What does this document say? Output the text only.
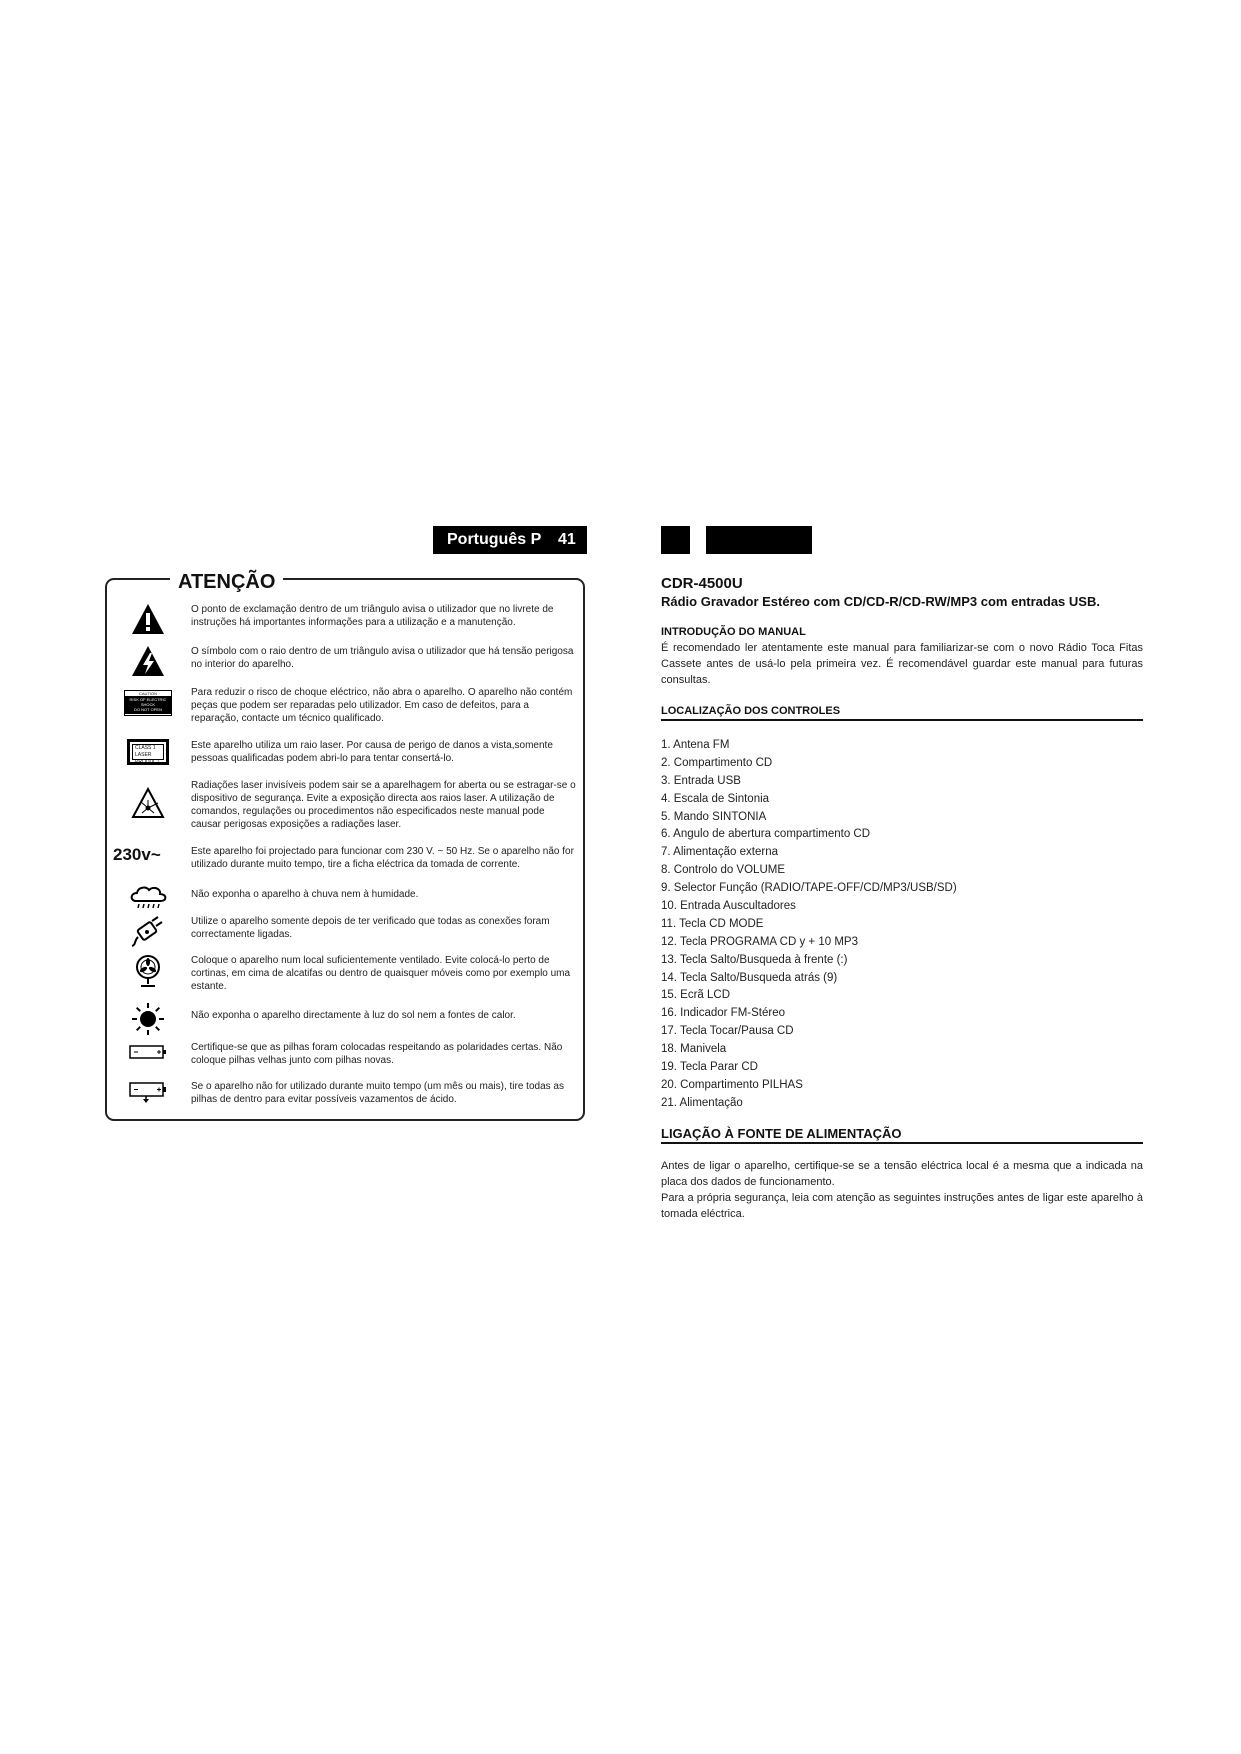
Português P 41
ATENÇÃO
O ponto de exclamação dentro de um triângulo avisa o utilizador que no livrete de instruções há importantes informações para a utilização e a manutenção.
O símbolo com o raio dentro de um triângulo avisa o utilizador que há tensão perigosa no interior do aparelho.
CAUTION
RISK OF ELECTRIC
SHOCK
DO NOT OPEN
Para reduzir o risco de choque eléctrico, não abra o aparelho. O aparelho não contém peças que podem ser reparadas pelo utilizador. Em caso de defeitos, para a reparação, contacte um técnico qualificado.
CLASS 1
LASER PRODUCT
Este aparelho utiliza um raio laser. Por causa de perigo de danos a vista,somente pessoas qualificadas podem abri-lo para tentar consertá-lo.
Radiações laser invisíveis podem sair se a aparelhagem for aberta ou se estragar-se o dispositivo de segurança. Evite a exposição directa aos raios laser. A utilização de comandos, regulações ou procedimentos não especificados neste manual pode causar perigosas exposições a radiações laser.
230v~	Este aparelho foi projectado para funcionar com 230 V. ~ 50 Hz. Se o aparelho não for utilizado durante muito tempo, tire a ficha eléctrica da tomada de corrente.
Não exponha o aparelho à chuva nem à humidade.
Utilize o aparelho somente depois de ter verificado que todas as conexões foram correctamente ligadas.
Coloque o aparelho num local suficientemente ventilado. Evite colocá-lo perto de cortinas, em cima de alcatifas ou dentro de quaisquer móveis como por exemplo uma estante.
Não exponha o aparelho directamente à luz do sol nem a fontes de calor.
Certifique-se que as pilhas foram colocadas respeitando as polaridades certas. Não coloque pilhas velhas junto com pilhas novas.
Se o aparelho não for utilizado durante muito tempo (um mês ou mais), tire todas as pilhas de dentro para evitar possíveis vazamentos de ácido.
CDR-4500U
Rádio Gravador Estéreo com CD/CD-R/CD-RW/MP3 com entradas USB.
INTRODUÇÃO DO MANUAL
É recomendado ler atentamente este manual para familiarizar-se com o novo Rádio Toca Fitas Cassete antes de usá-lo pela primeira vez. É recomendável guardar este manual para futuras consultas.
LOCALIZAÇÃO DOS CONTROLES
1. Antena FM
2. Compartimento CD
3. Entrada USB
4. Escala de Sintonia
5. Mando SINTONIA
6. Angulo de abertura compartimento CD
7. Alimentação externa
8. Controlo do VOLUME
9. Selector Função (RADIO/TAPE-OFF/CD/MP3/USB/SD)
10. Entrada Auscultadores
11. Tecla CD MODE
12. Tecla PROGRAMA CD y + 10 MP3
13. Tecla Salto/Busqueda à frente (:)
14. Tecla Salto/Busqueda atrás (9)
15. Ecrã LCD
16. Indicador FM-Stéreo
17. Tecla Tocar/Pausa CD
18. Manivela
19. Tecla Parar CD
20. Compartimento PILHAS
21. Alimentação
LIGAÇÃO À FONTE DE ALIMENTAÇÃO
Antes de ligar o aparelho, certifique-se se a tensão eléctrica local é a mesma que a indicada na placa dos dados de funcionamento.
Para a própria segurança, leia com atenção as seguintes instruções antes de ligar este aparelho à tomada eléctrica.
